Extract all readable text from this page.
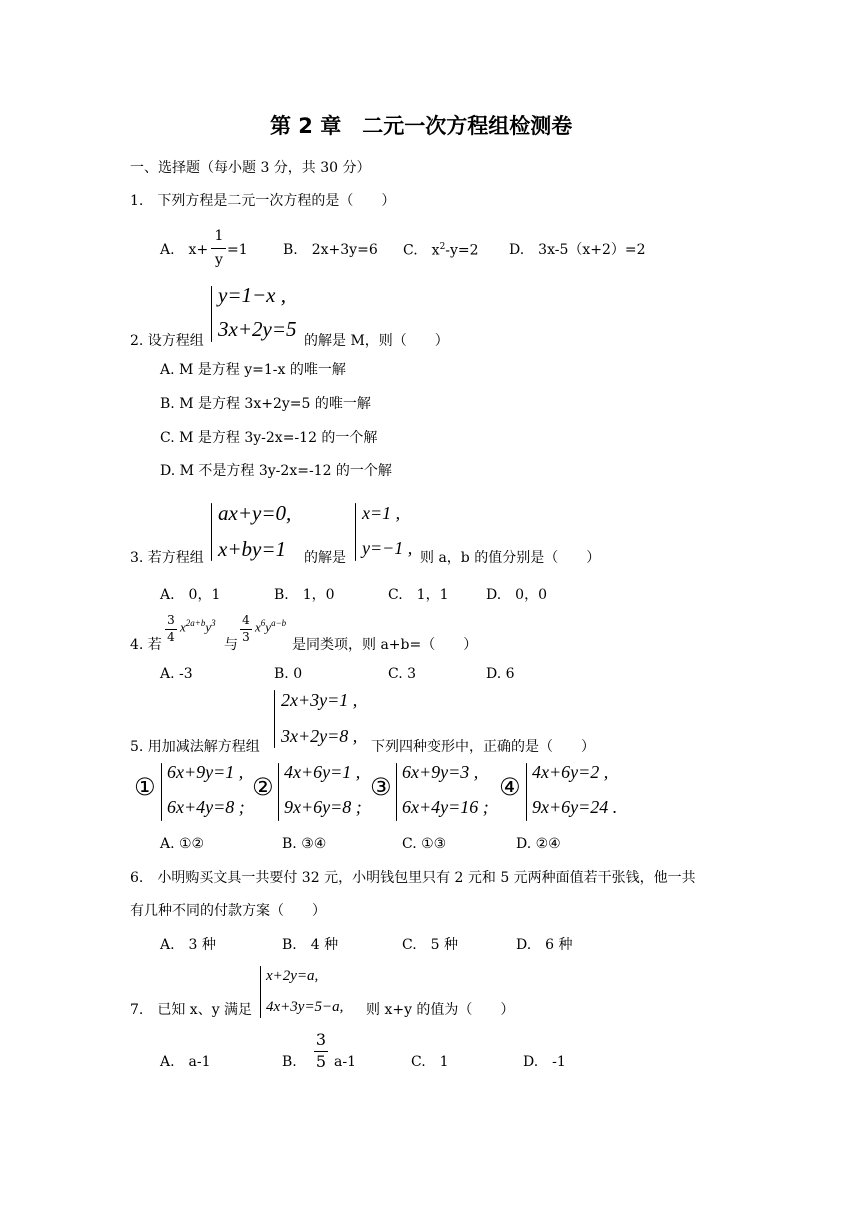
第 2 章　二元一次方程组检测卷
一、选择题（每小题 3 分，共 30 分）
1.　下列方程是二元一次方程的是（　　）
A.　x+
1
y
=1	B.　2x+3y=6 C.　$x^2-y=2$ D.　3x-5（x+2）=2
y=1−x ,
3x+2y=5
2. 设方程组	的解是 M，则（　　）
A. M 是方程 y=1-x 的唯一解
B. M 是方程 3x+2y=5 的唯一解
C. M 是方程 3y-2x=-12 的一个解
D. M 不是方程 3y-2x=-12 的一个解
ax+y=0,
x+by=1
3. 若方程组	的解是
x=1 ,
y=−1 , 则 a，b 的值分别是（　　）
A.　0，1	B.　1，0	C.　1，1	D.　0，0
4. 若
3
4
$x^{2a+b}y^3$
与
4
3
$x^6y^{a-b}$
是同类项，则 a+b=（　　）
A. -3	B. 0	C. 3	D. 6
2x+3y=1 ,
3x+2y=8 ,
5. 用加减法解方程组	下列四种变形中，正确的是（　　）
①
6x+9y=1 ,
6x+4y=8 ;
②
4x+6y=1 ,
9x+6y=8 ;
③
6x+9y=3 ,
6x+4y=16 ;
④
4x+6y=2 ,
9x+6y=24 .
A. ①②	B. ③④	C. ①③	D. ②④
6.　小明购买文具一共要付 32 元，小明钱包里只有 2 元和 5 元两种面值若干张钱，他一共
有几种不同的付款方案（　　）
A.　3 种	B.　4 种	C.　5 种	D.　6 种
x+2y=a,
4x+3y=5−a,
7.　已知 x、y 满足	则 x+y 的值为（　　）
A.　a-1	B.
3
5 a-1	C.　1	D.　-1
